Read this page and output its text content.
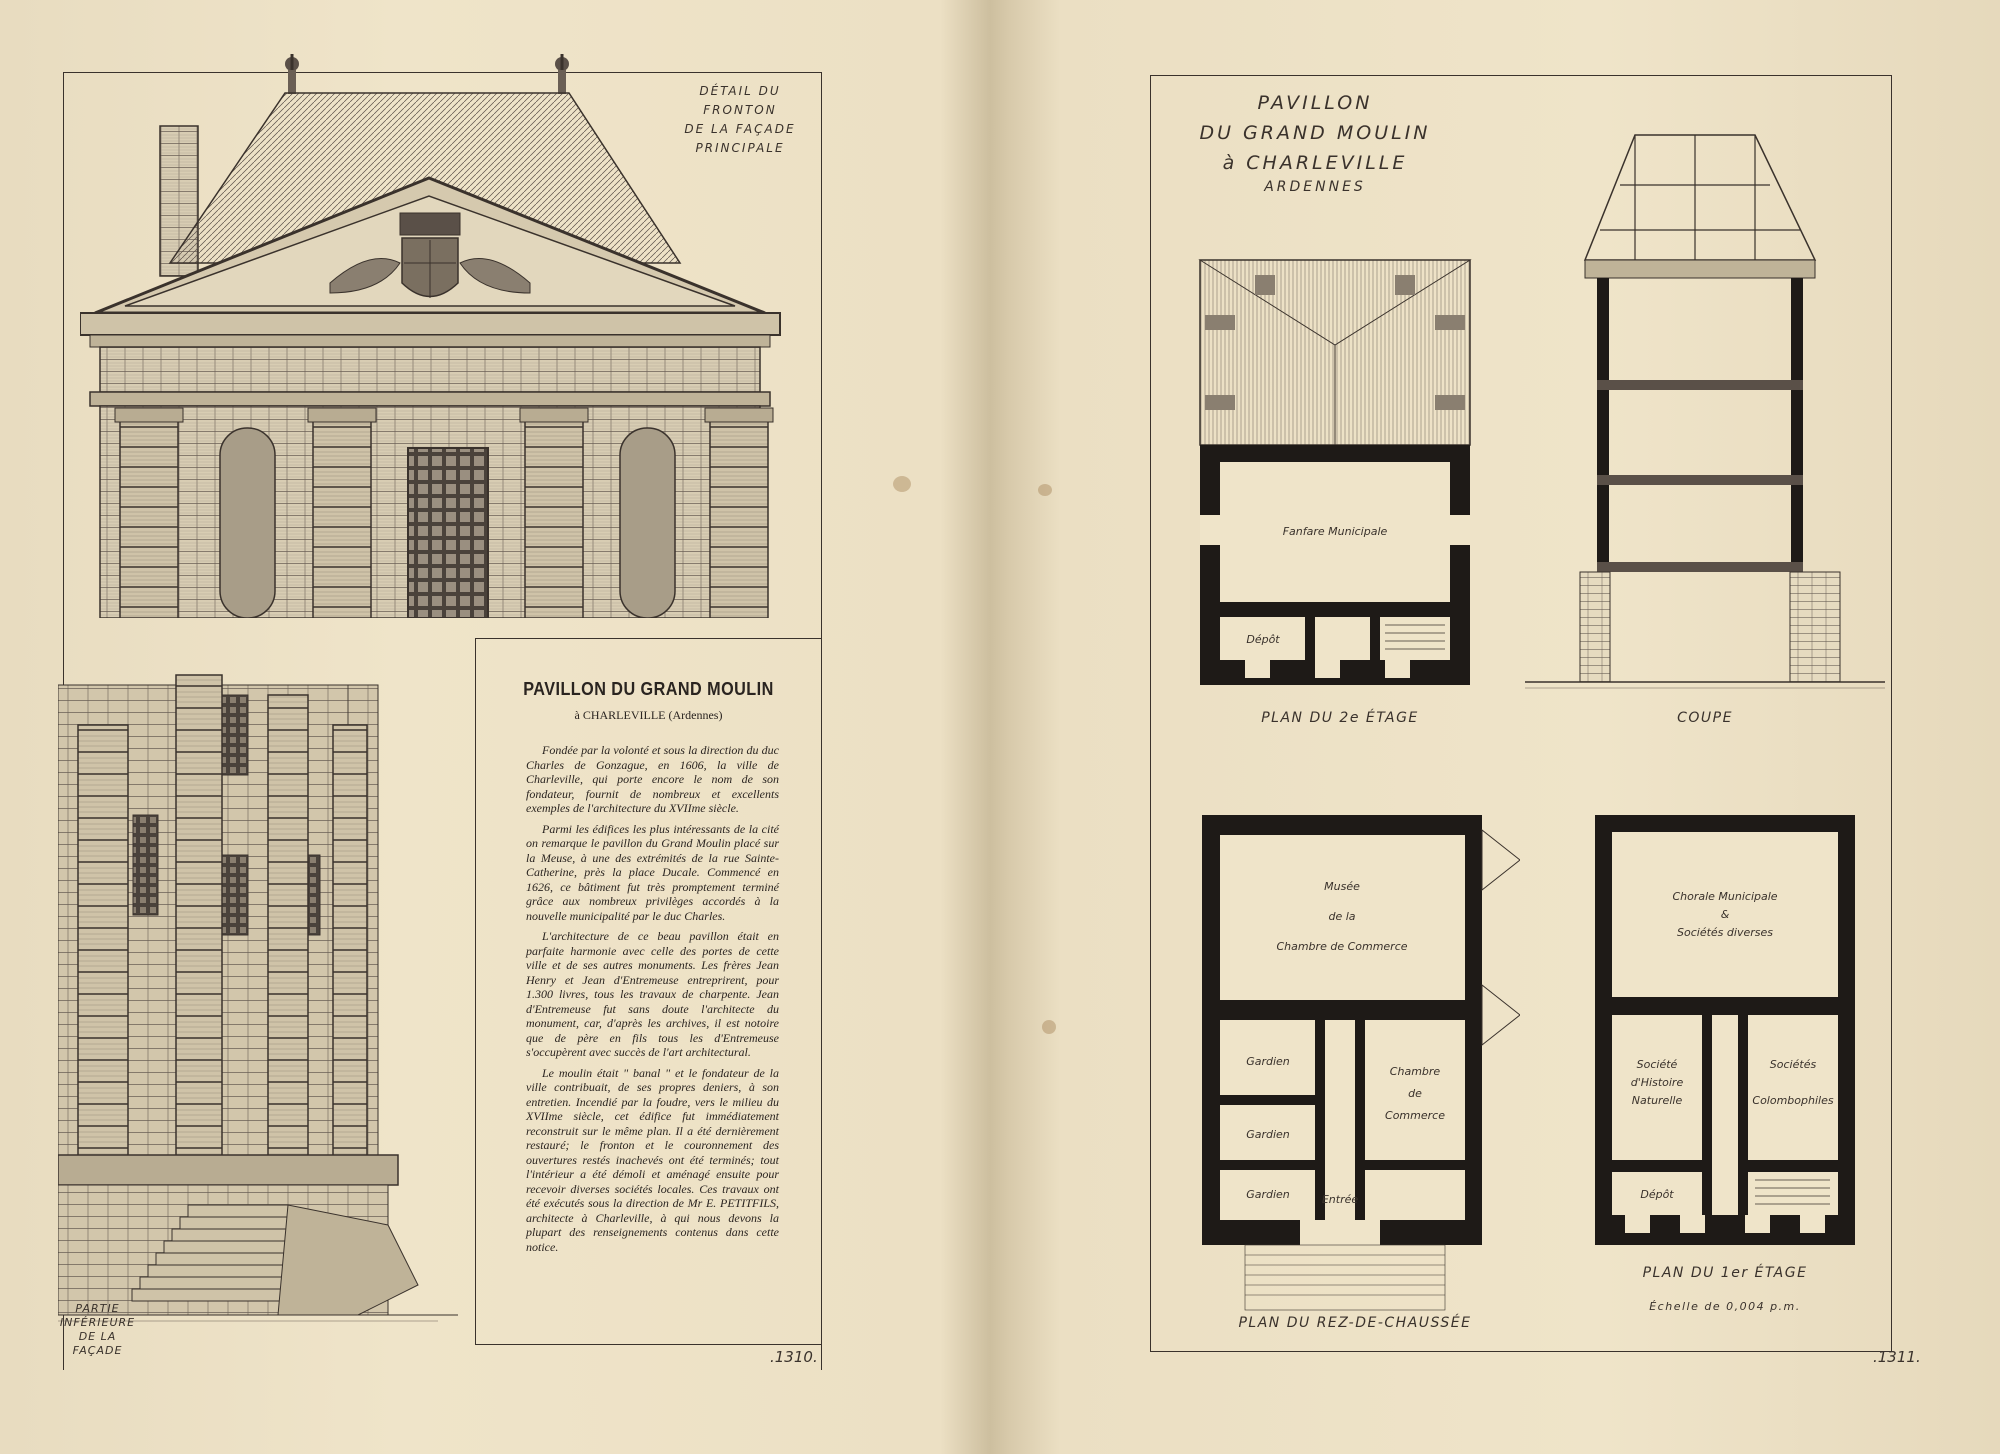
DÉTAIL DU FRONTON
DE LA FAÇADE
PRINCIPALE
PARTIE
INFÉRIEURE
DE LA FAÇADE
PAVILLON DU GRAND MOULIN
à CHARLEVILLE (Ardennes)

Fondée par la volonté et sous la direction du duc Charles de Gonzague, en 1606, la ville de Charleville, qui porte encore le nom de son fondateur, fournit de nombreux et excellents exemples de l'architecture du XVIIme siècle.

Parmi les édifices les plus intéressants de la cité on remarque le pavillon du Grand Moulin placé sur la Meuse, à une des extrémités de la rue Sainte-Catherine, près la place Ducale. Commencé en 1626, ce bâtiment fut très promptement terminé grâce aux nombreux privilèges accordés à la nouvelle municipalité par le duc Charles.

L'architecture de ce beau pavillon était en parfaite harmonie avec celle des portes de cette ville et de ses autres monuments. Les frères Jean Henry et Jean d'Entremeuse entreprirent, pour 1.300 livres, tous les travaux de charpente. Jean d'Entremeuse fut sans doute l'architecte du monument, car, d'après les archives, il est notoire que de père en fils tous les d'Entremeuse s'occupèrent avec succès de l'art architectural.

Le moulin était " banal " et le fondateur de la ville contribuait, de ses propres deniers, à son entretien. Incendié par la foudre, vers le milieu du XVIIme siècle, cet édifice fut immédiatement reconstruit sur le même plan. Il a été dernièrement restauré; le fronton et le couronnement des ouvertures restés inachevés ont été terminés; tout l'intérieur a été démoli et aménagé ensuite pour recevoir diverses sociétés locales. Ces travaux ont été exécutés sous la direction de Mr E. PETITFILS, architecte à Charleville, à qui nous devons la plupart des renseignements contenus dans cette notice.

.1310.
PAVILLON
DU GRAND MOULIN
à CHARLEVILLE
ARDENNES
Fanfare Municipale
Dépôt
PLAN DU 2e ÉTAGE	COUPE
Musée
de la
Chambre de Commerce
Gardien
Gardien
Gardien	Entrée
Chambre
de
Commerce
PLAN DU REZ-DE-CHAUSSÉE
Chorale Municipale
&
Sociétés diverses
Société
d'Histoire
Naturelle
Sociétés
Colombophiles
Dépôt
PLAN DU 1er ÉTAGE
Échelle de 0,004 p.m.
.1311.
